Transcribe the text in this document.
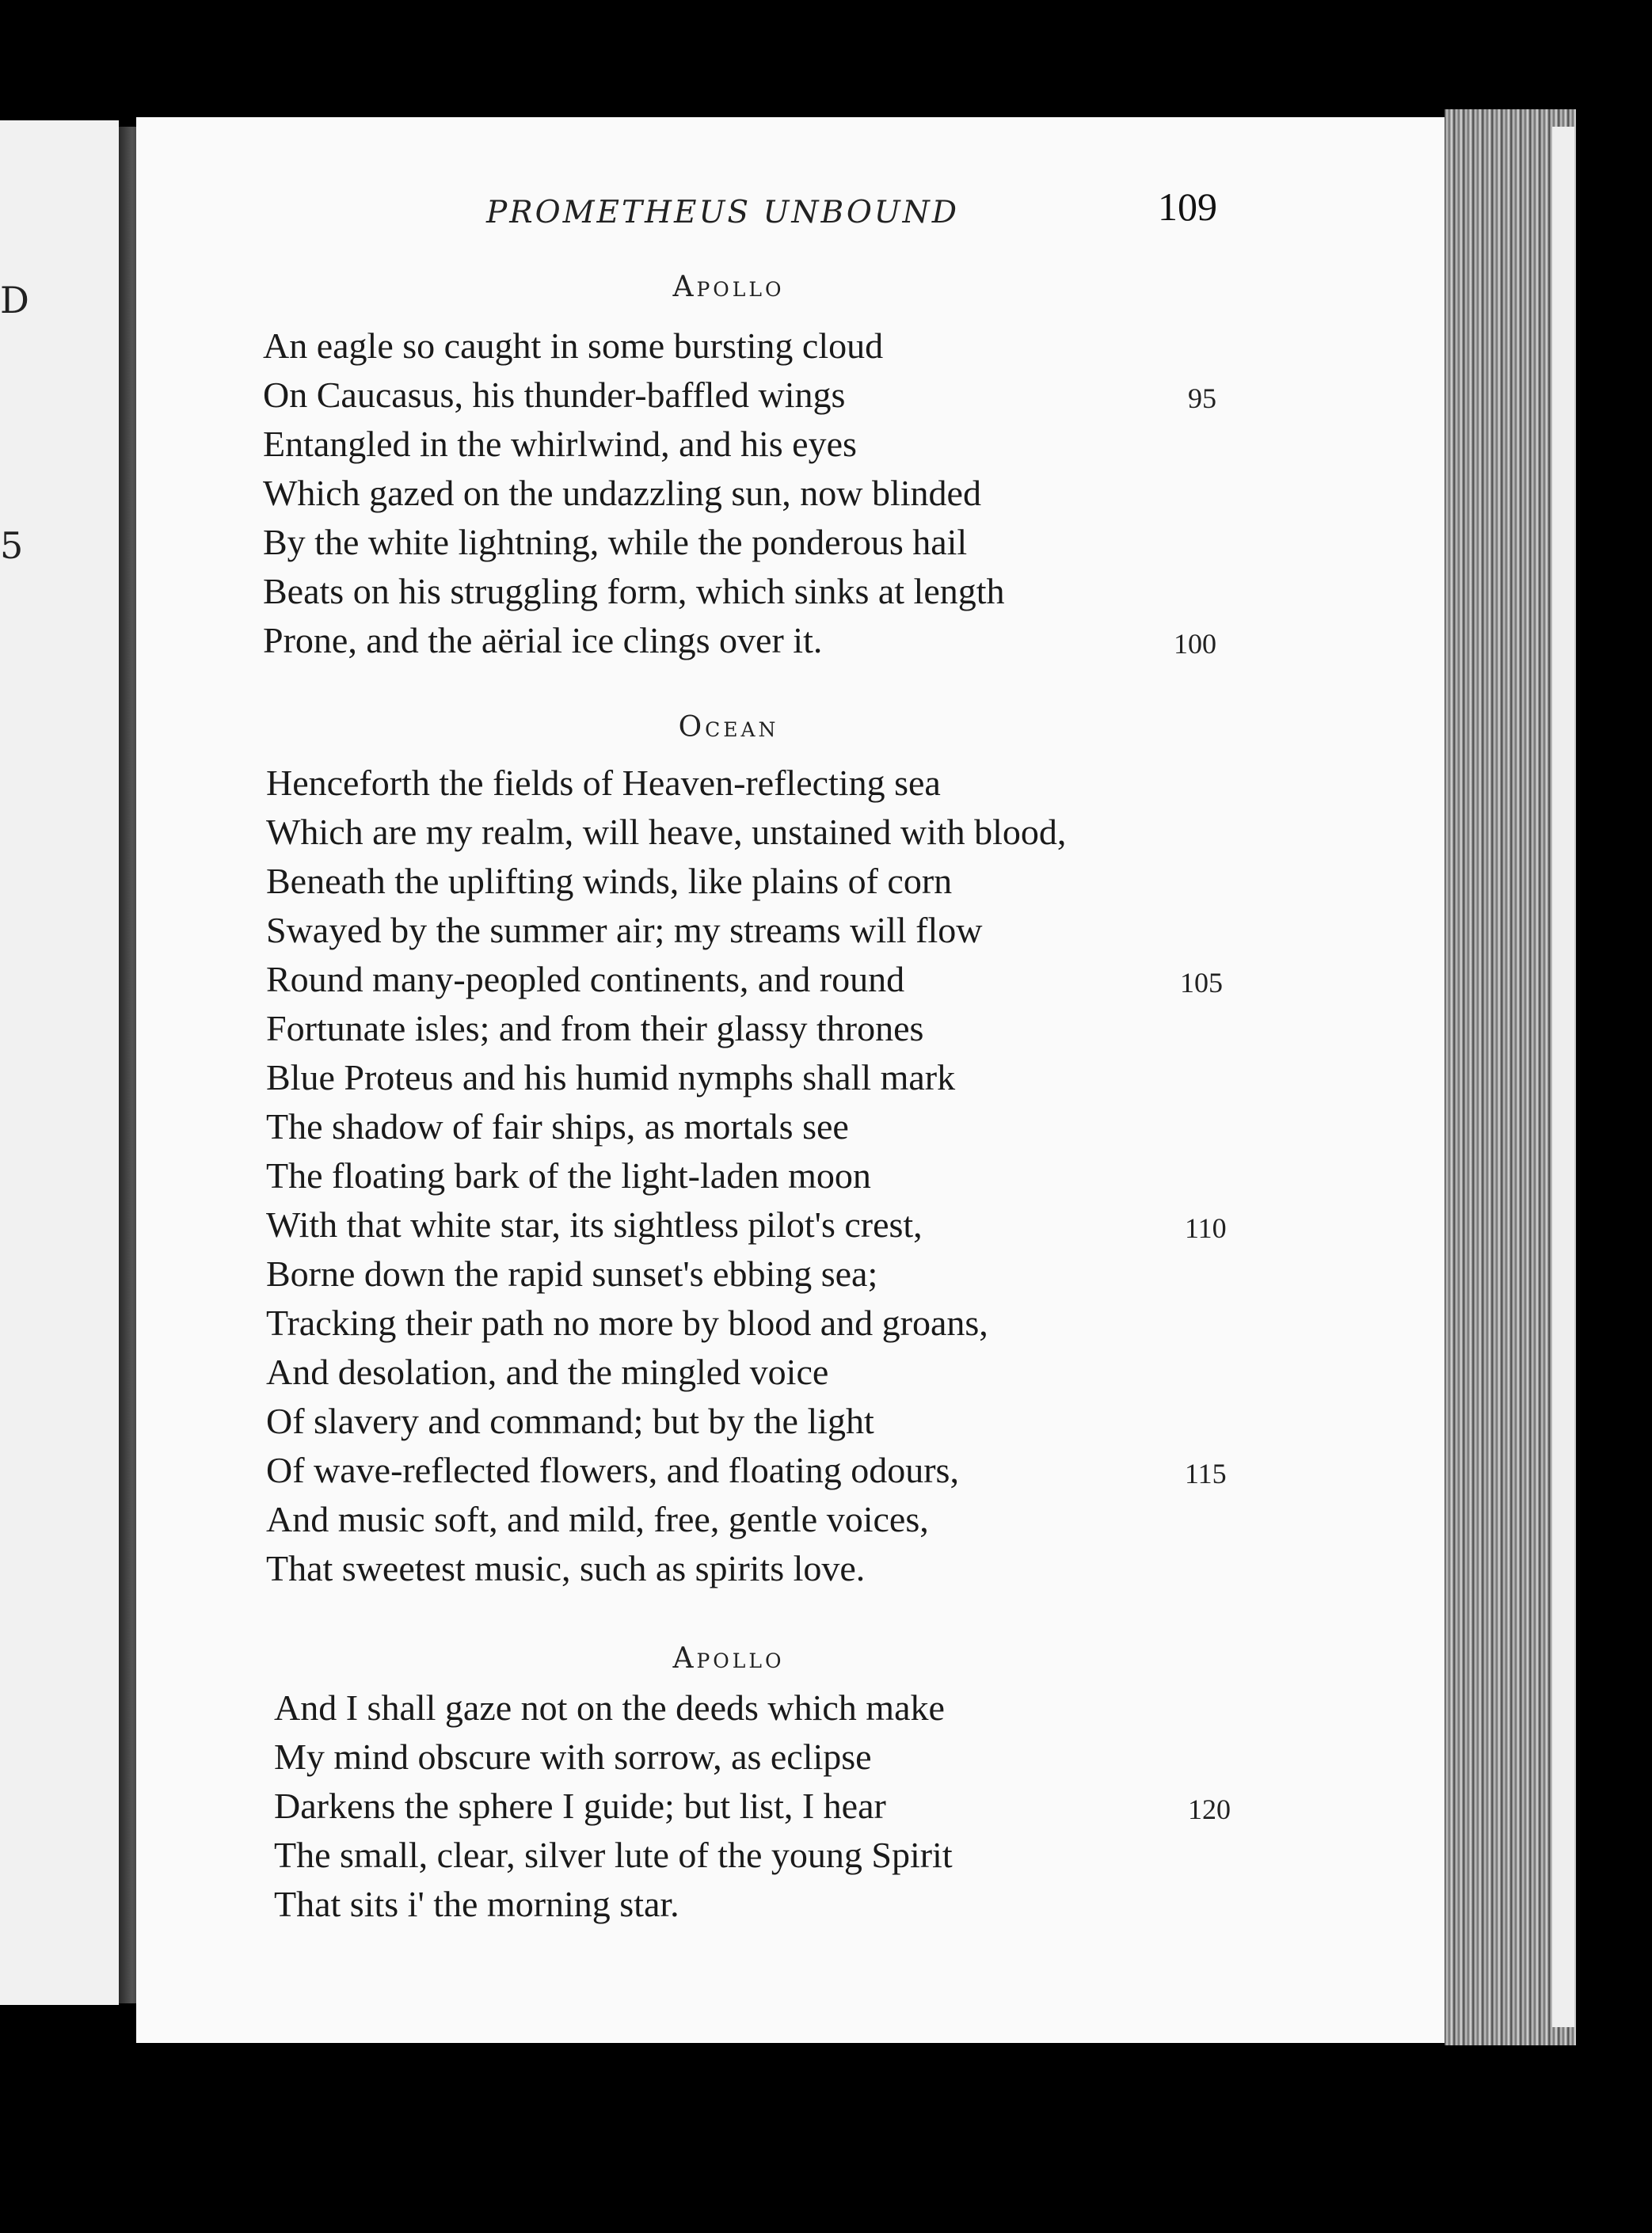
D
5
PROMETHEUS UNBOUND	109
Apollo
An eagle so caught in some bursting cloud
On Caucasus, his thunder-baffled wings	95
Entangled in the whirlwind, and his eyes
Which gazed on the undazzling sun, now blinded
By the white lightning, while the ponderous hail
Beats on his struggling form, which sinks at length
Prone, and the aërial ice clings over it.	100
Ocean
Henceforth the fields of Heaven-reflecting sea
Which are my realm, will heave, unstained with blood,
Beneath the uplifting winds, like plains of corn
Swayed by the summer air; my streams will flow
Round many-peopled continents, and round	105
Fortunate isles; and from their glassy thrones
Blue Proteus and his humid nymphs shall mark
The shadow of fair ships, as mortals see
The floating bark of the light-laden moon
With that white star, its sightless pilot's crest,	110
Borne down the rapid sunset's ebbing sea;
Tracking their path no more by blood and groans,
And desolation, and the mingled voice
Of slavery and command; but by the light
Of wave-reflected flowers, and floating odours,	115
And music soft, and mild, free, gentle voices,
That sweetest music, such as spirits love.
Apollo
And I shall gaze not on the deeds which make
My mind obscure with sorrow, as eclipse
Darkens the sphere I guide; but list, I hear	120
The small, clear, silver lute of the young Spirit
That sits i' the morning star.
